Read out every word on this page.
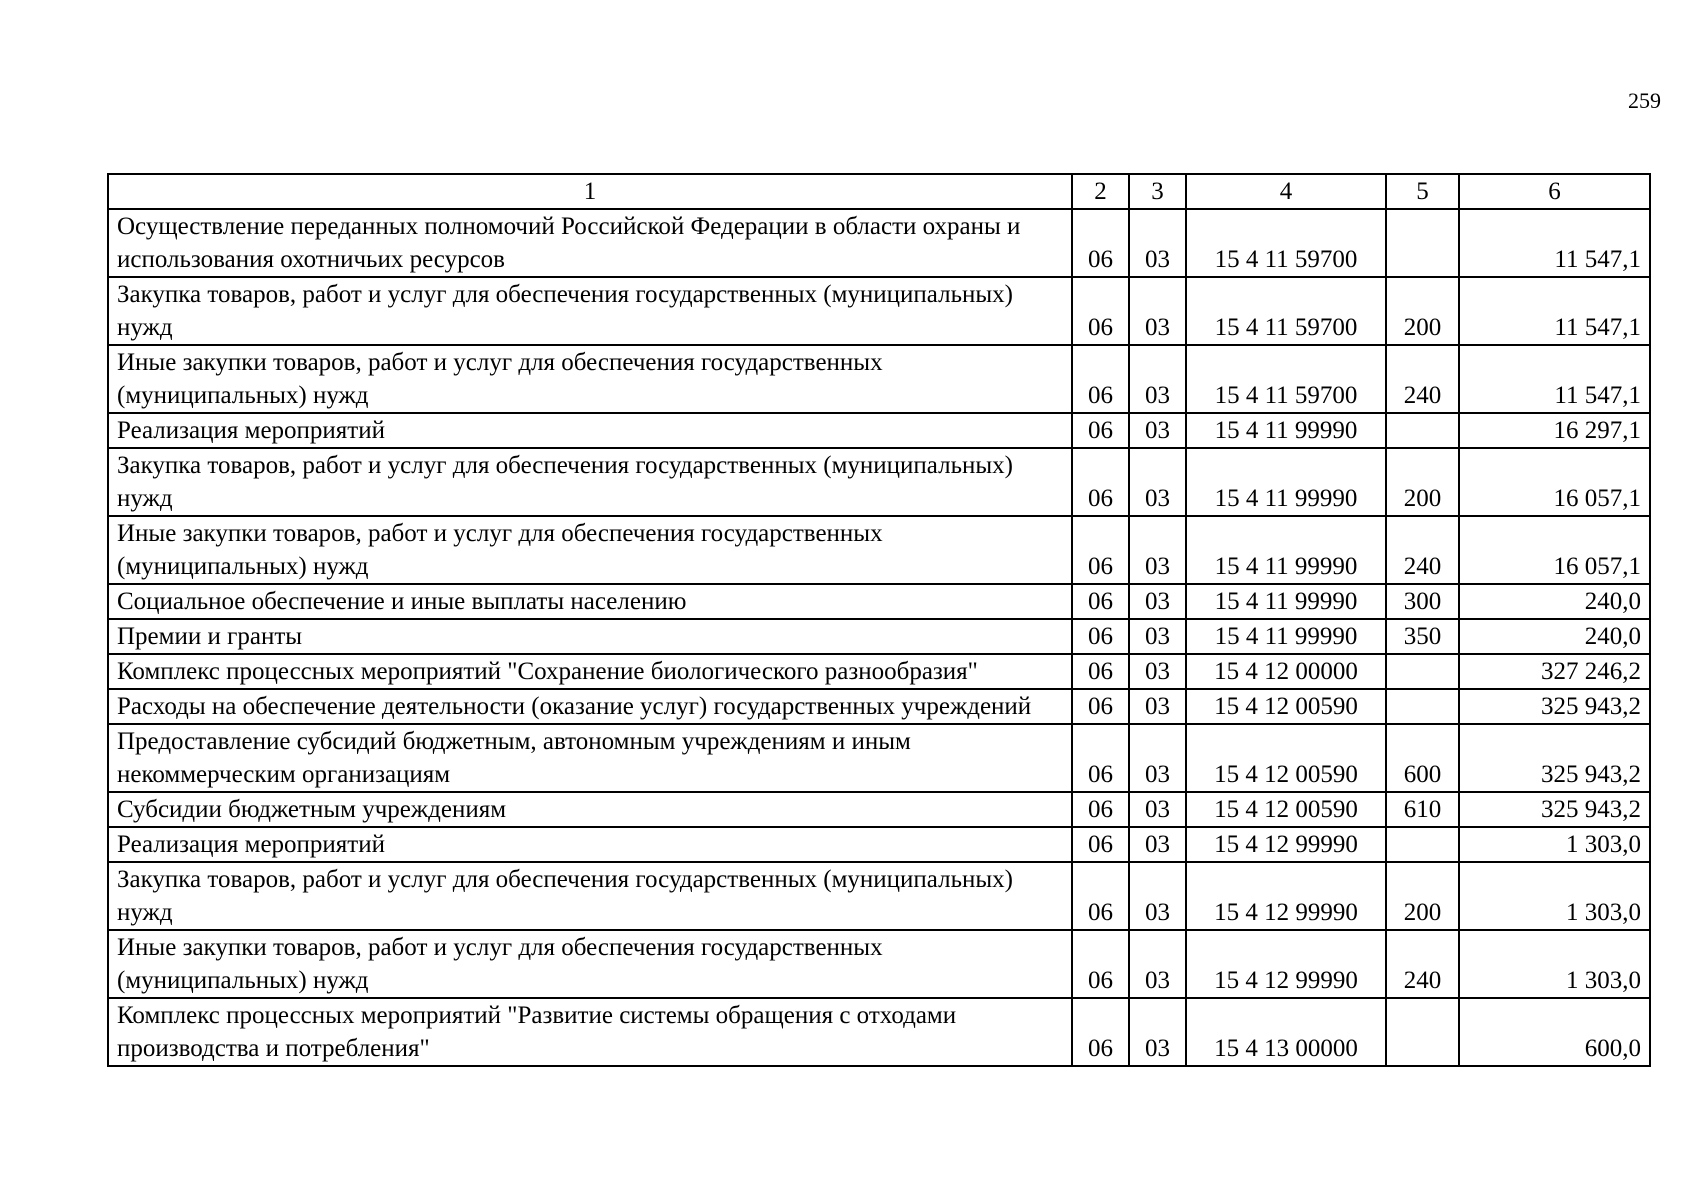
259
1	2	3	4	5	6
Осуществление переданных полномочий Российской Федерации в области охраны и использования охотничьих ресурсов	06	03	15 4 11 59700		11 547,1
Закупка товаров, работ и услуг для обеспечения государственных (муниципальных) нужд	06	03	15 4 11 59700	200	11 547,1
Иные закупки товаров, работ и услуг для обеспечения государственных (муниципальных) нужд	06	03	15 4 11 59700	240	11 547,1
Реализация мероприятий	06	03	15 4 11 99990		16 297,1
Закупка товаров, работ и услуг для обеспечения государственных (муниципальных) нужд	06	03	15 4 11 99990	200	16 057,1
Иные закупки товаров, работ и услуг для обеспечения государственных (муниципальных) нужд	06	03	15 4 11 99990	240	16 057,1
Социальное обеспечение и иные выплаты населению	06	03	15 4 11 99990	300	240,0
Премии и гранты	06	03	15 4 11 99990	350	240,0
Комплекс процессных мероприятий "Сохранение биологического разнообразия"	06	03	15 4 12 00000		327 246,2
Расходы на обеспечение деятельности (оказание услуг) государственных учреждений	06	03	15 4 12 00590		325 943,2
Предоставление субсидий бюджетным, автономным учреждениям и иным некоммерческим организациям	06	03	15 4 12 00590	600	325 943,2
Субсидии бюджетным учреждениям	06	03	15 4 12 00590	610	325 943,2
Реализация мероприятий	06	03	15 4 12 99990		1 303,0
Закупка товаров, работ и услуг для обеспечения государственных (муниципальных) нужд	06	03	15 4 12 99990	200	1 303,0
Иные закупки товаров, работ и услуг для обеспечения государственных (муниципальных) нужд	06	03	15 4 12 99990	240	1 303,0
Комплекс процессных мероприятий "Развитие системы обращения с отходами производства и потребления"	06	03	15 4 13 00000		600,0
